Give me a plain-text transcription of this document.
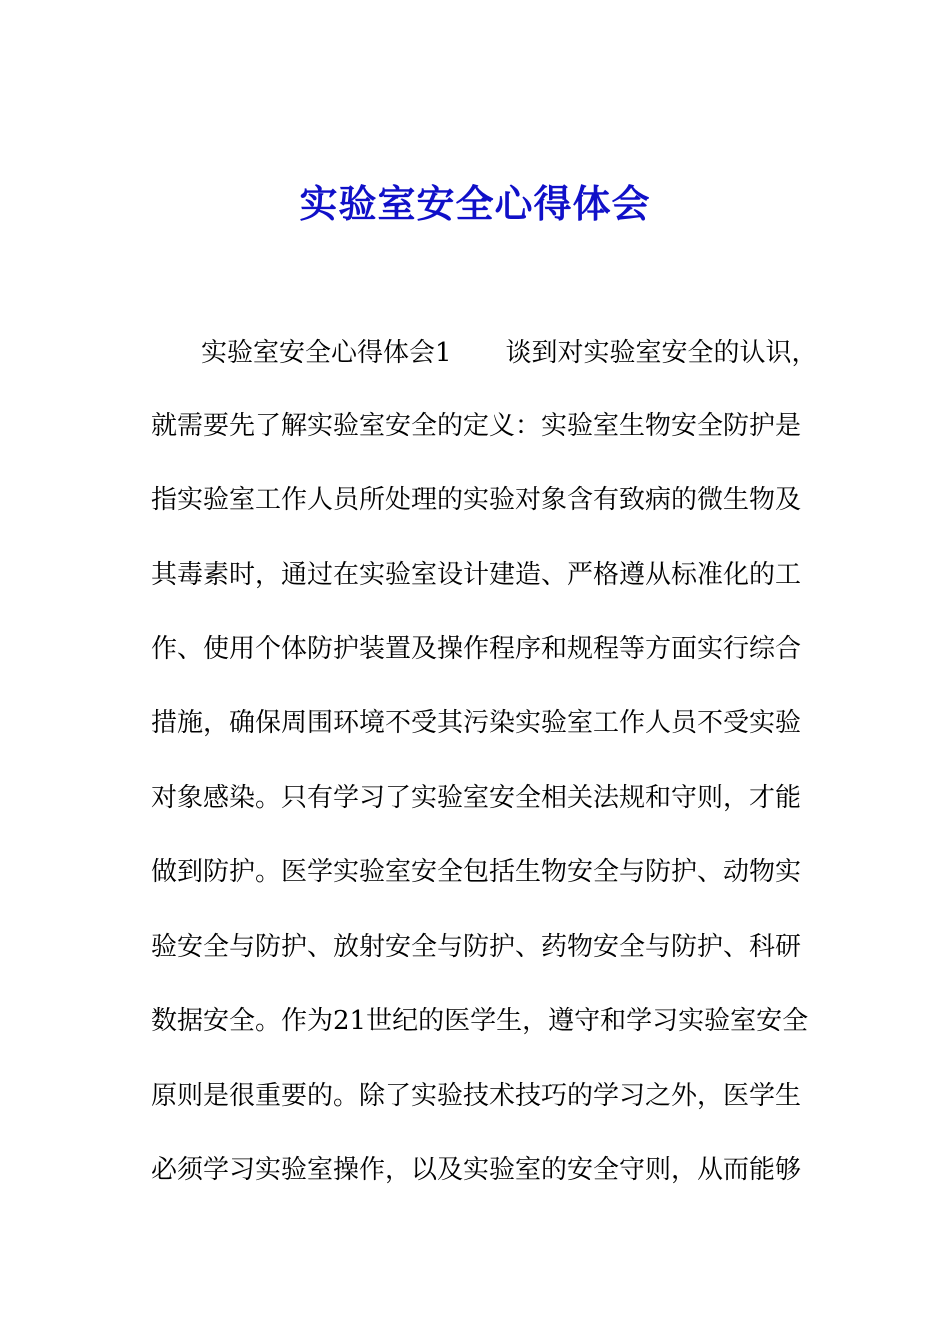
实验室安全心得体会
实验室安全心得体会1 谈到对实验室安全的认识，
就需要先了解实验室安全的定义：实验室生物安全防护是
指实验室工作人员所处理的实验对象含有致病的微生物及
其毒素时，通过在实验室设计建造、严格遵从标准化的工
作、使用个体防护装置及操作程序和规程等方面实行综合
措施，确保周围环境不受其污染实验室工作人员不受实验
对象感染。只有学习了实验室安全相关法规和守则，才能
做到防护。医学实验室安全包括生物安全与防护、动物实
验安全与防护、放射安全与防护、药物安全与防护、科研
数据安全。作为21世纪的医学生，遵守和学习实验室安全
原则是很重要的。除了实验技术技巧的学习之外，医学生
必须学习实验室操作，以及实验室的安全守则，从而能够
